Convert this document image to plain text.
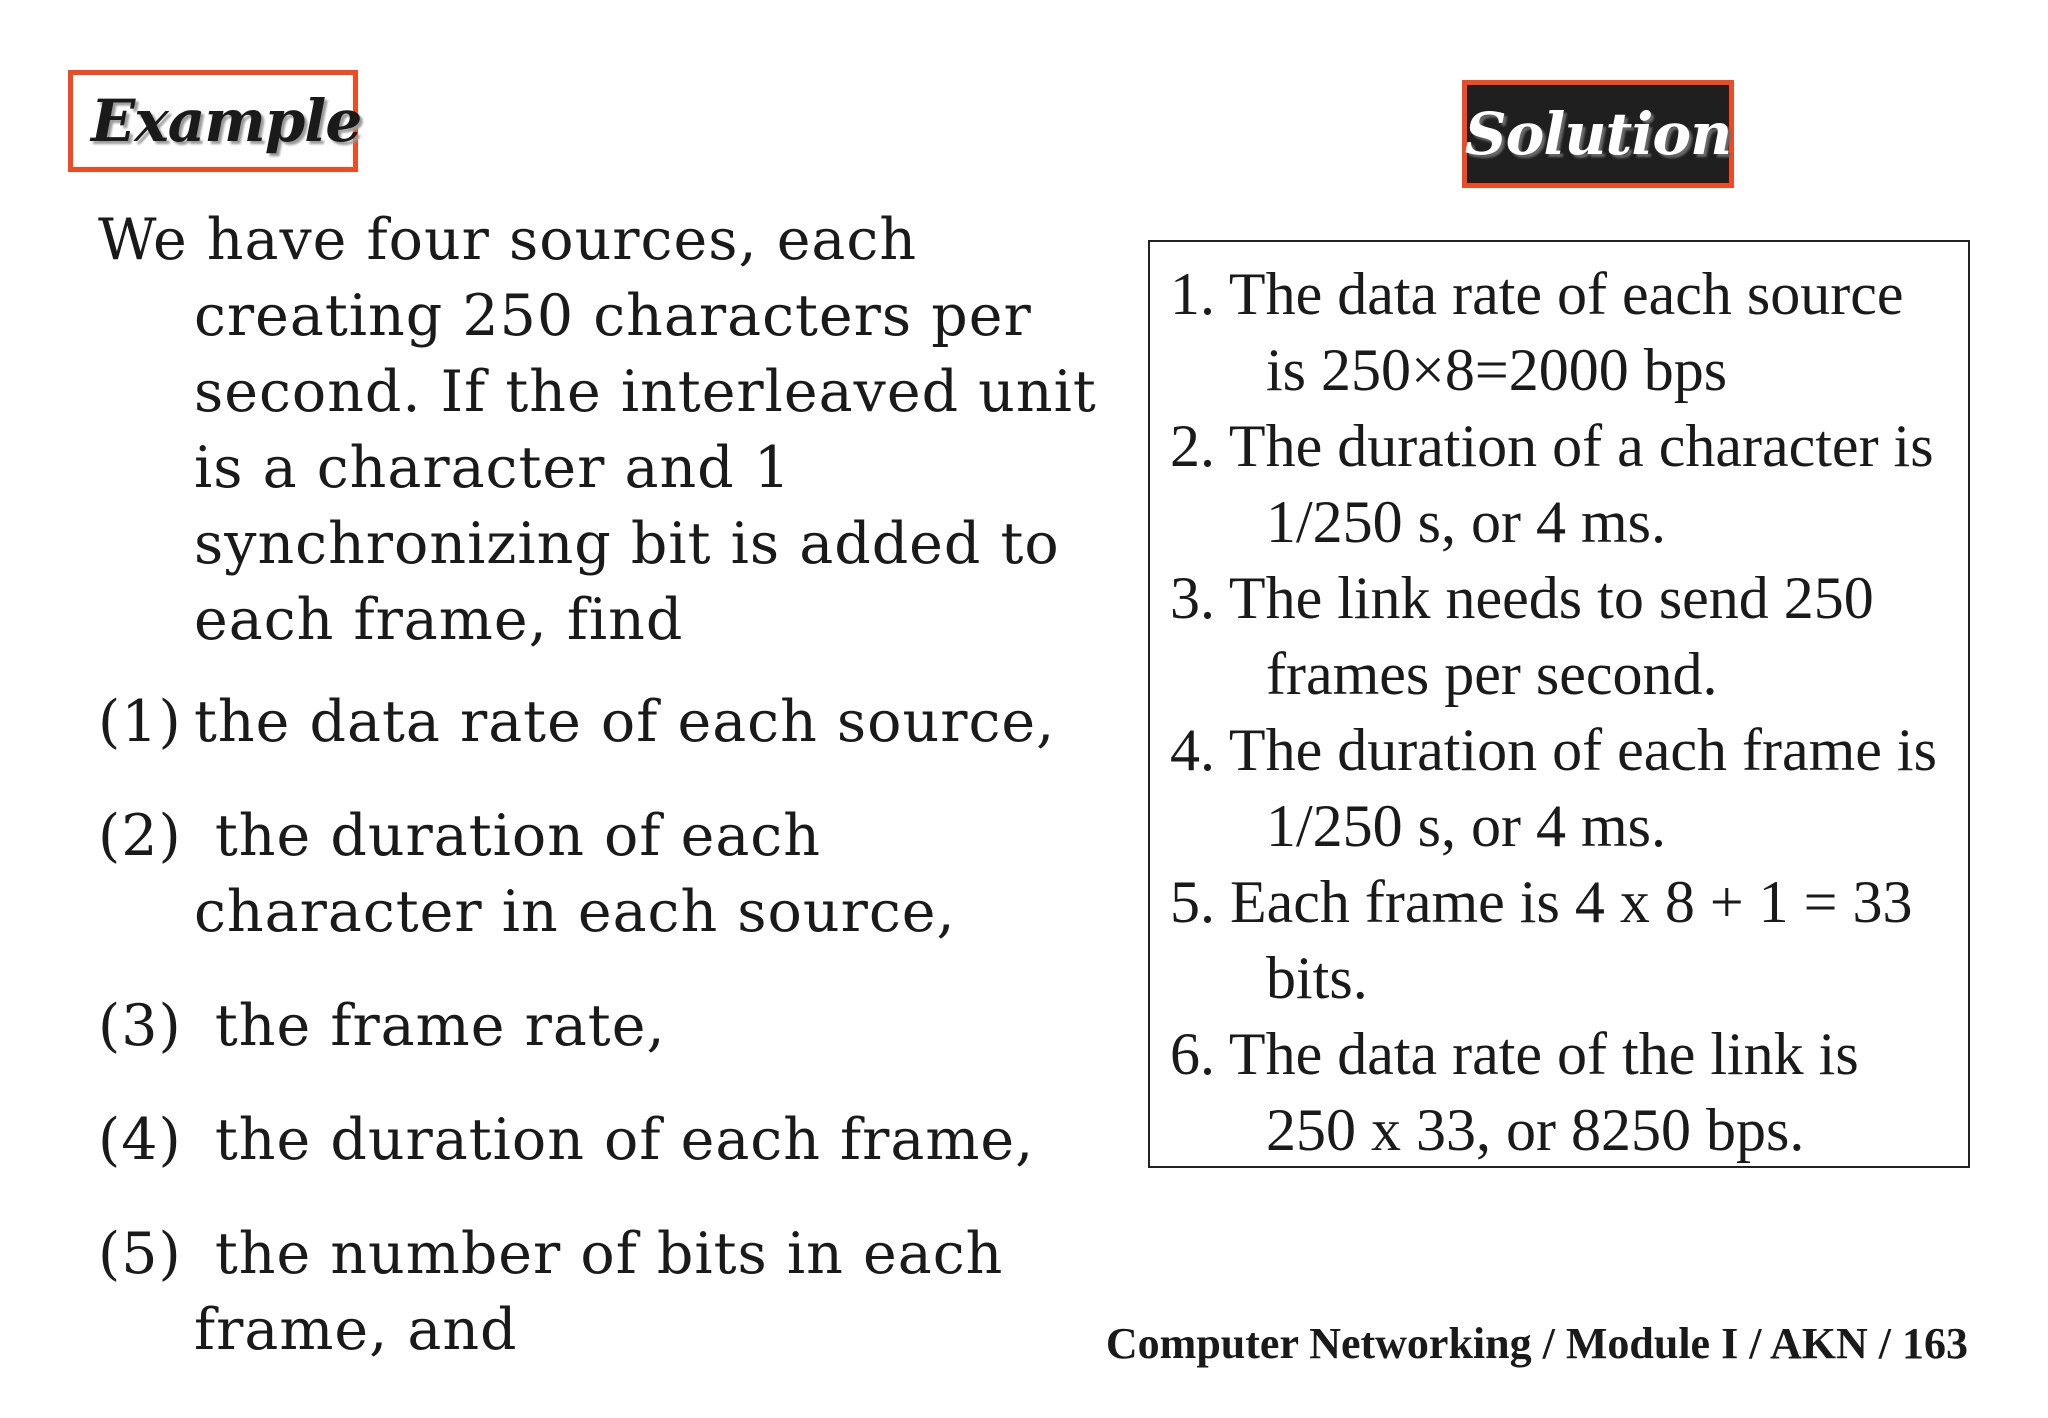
Example	Solution

We have four sources, each creating 250 characters per second. If the interleaved unit is a character and 1 synchronizing bit is added to each frame, find

(1) the data rate of each source,
(2) the duration of each character in each source,
(3) the frame rate,
(4) the duration of each frame,
(5) the number of bits in each frame, and

1. The data rate of each source is 250×8=2000 bps

2. The duration of a character is 1/250 s, or 4 ms.

3. The link needs to send 250 frames per second.

4. The duration of each frame is 1/250 s, or 4 ms.

5. Each frame is 4 x 8 + 1 = 33 bits.

6. The data rate of the link is 250 x 33, or 8250 bps.

Computer Networking / Module I / AKN / 163
